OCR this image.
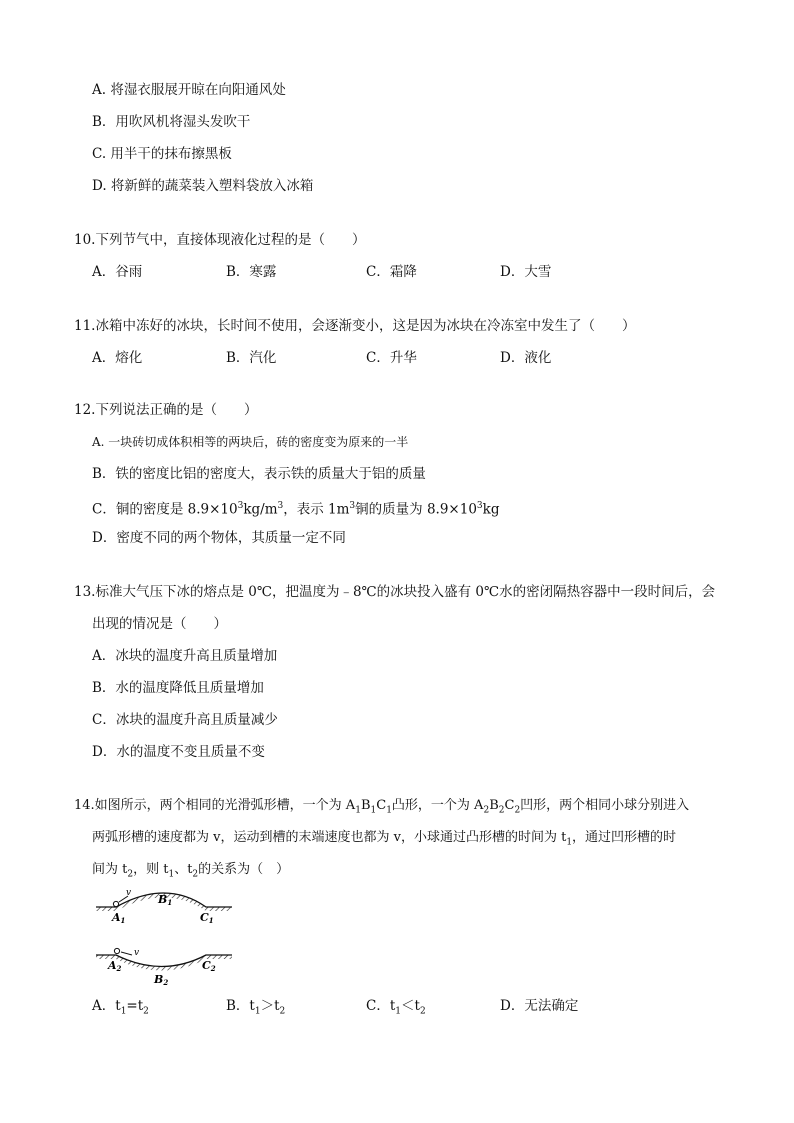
A. 将湿衣服展开晾在向阳通风处
B．用吹风机将湿头发吹干
C. 用半干的抹布擦黑板
D. 将新鲜的蔬菜装入塑料袋放入冰箱
10.下列节气中，直接体现液化过程的是（　　）
A．谷雨	B．寒露	C．霜降	D．大雪
11.冰箱中冻好的冰块，长时间不使用，会逐渐变小，这是因为冰块在冷冻室中发生了（　　）
A．熔化	B．汽化	C．升华	D．液化
12.下列说法正确的是（　　）
A. 一块砖切成体积相等的两块后，砖的密度变为原来的一半
B．铁的密度比铝的密度大，表示铁的质量大于铝的质量
C．铜的密度是 $8.9\times 10^3kg/m^3$，表示 $1m^3$铜的质量为 $8.9\times 10^3kg$
D．密度不同的两个物体，其质量一定不同
13.标准大气压下冰的熔点是 0℃，把温度为﹣8℃的冰块投入盛有 0℃水的密闭隔热容器中一段时间后，会
出现的情况是（　　）
A．冰块的温度升高且质量增加
B．水的温度降低且质量增加
C．冰块的温度升高且质量减少
D．水的温度不变且质量不变
14.如图所示，两个相同的光滑弧形槽，一个为 $A_1B_1C_1$凸形，一个为 $A_2B_2C_2$凹形，两个相同小球分别进入
两弧形槽的速度都为 v，运动到槽的末端速度也都为 v，小球通过凸形槽的时间为 $t_1$，通过凹形槽的时
间为 $t_2$，则 $t_1$、$t_2$的关系为（　）
v
A1
B1
C1
v
A2
B2
C2
A．$t_1=t_2$	B．$t_1>t_2$	C．$t_1<t_2$	D．无法确定
